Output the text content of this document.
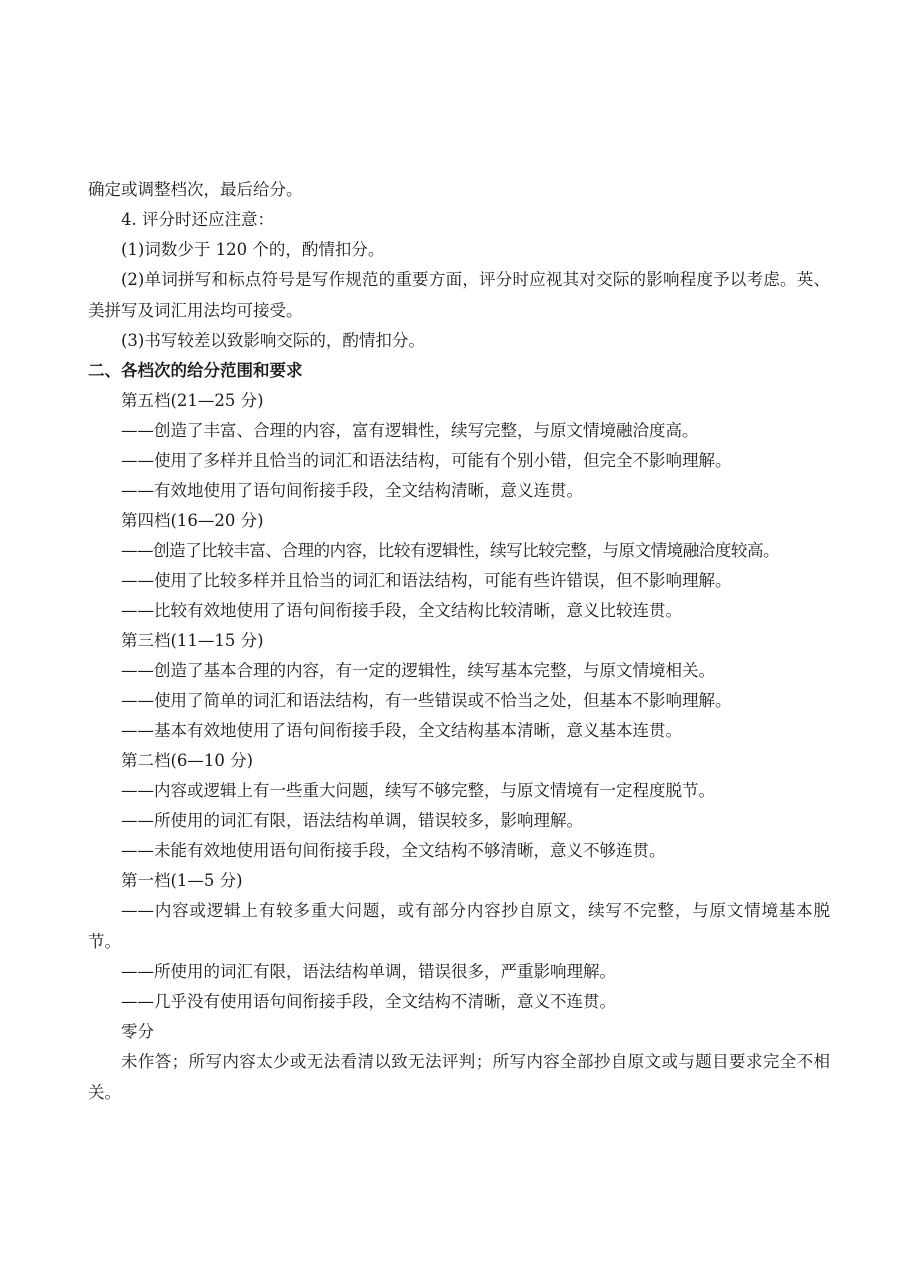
确定或调整档次，最后给分。
4. 评分时还应注意：
(1)词数少于 120 个的，酌情扣分。
(2)单词拼写和标点符号是写作规范的重要方面，评分时应视其对交际的影响程度予以考虑。英、美拼写及词汇用法均可接受。
(3)书写较差以致影响交际的，酌情扣分。
二、各档次的给分范围和要求
第五档(21—25 分)
——创造了丰富、合理的内容，富有逻辑性，续写完整，与原文情境融洽度高。
——使用了多样并且恰当的词汇和语法结构，可能有个别小错，但完全不影响理解。
——有效地使用了语句间衔接手段，全文结构清晰，意义连贯。
第四档(16—20 分)
——创造了比较丰富、合理的内容，比较有逻辑性，续写比较完整，与原文情境融洽度较高。
——使用了比较多样并且恰当的词汇和语法结构，可能有些许错误，但不影响理解。
——比较有效地使用了语句间衔接手段，全文结构比较清晰，意义比较连贯。
第三档(11—15 分)
——创造了基本合理的内容，有一定的逻辑性，续写基本完整，与原文情境相关。
——使用了简单的词汇和语法结构，有一些错误或不恰当之处，但基本不影响理解。
——基本有效地使用了语句间衔接手段，全文结构基本清晰，意义基本连贯。
第二档(6—10 分)
——内容或逻辑上有一些重大问题，续写不够完整，与原文情境有一定程度脱节。
——所使用的词汇有限，语法结构单调，错误较多，影响理解。
——未能有效地使用语句间衔接手段，全文结构不够清晰，意义不够连贯。
第一档(1—5 分)
——内容或逻辑上有较多重大问题，或有部分内容抄自原文，续写不完整，与原文情境基本脱节。
——所使用的词汇有限，语法结构单调，错误很多，严重影响理解。
——几乎没有使用语句间衔接手段，全文结构不清晰，意义不连贯。
零分
未作答；所写内容太少或无法看清以致无法评判；所写内容全部抄自原文或与题目要求完全不相关。
